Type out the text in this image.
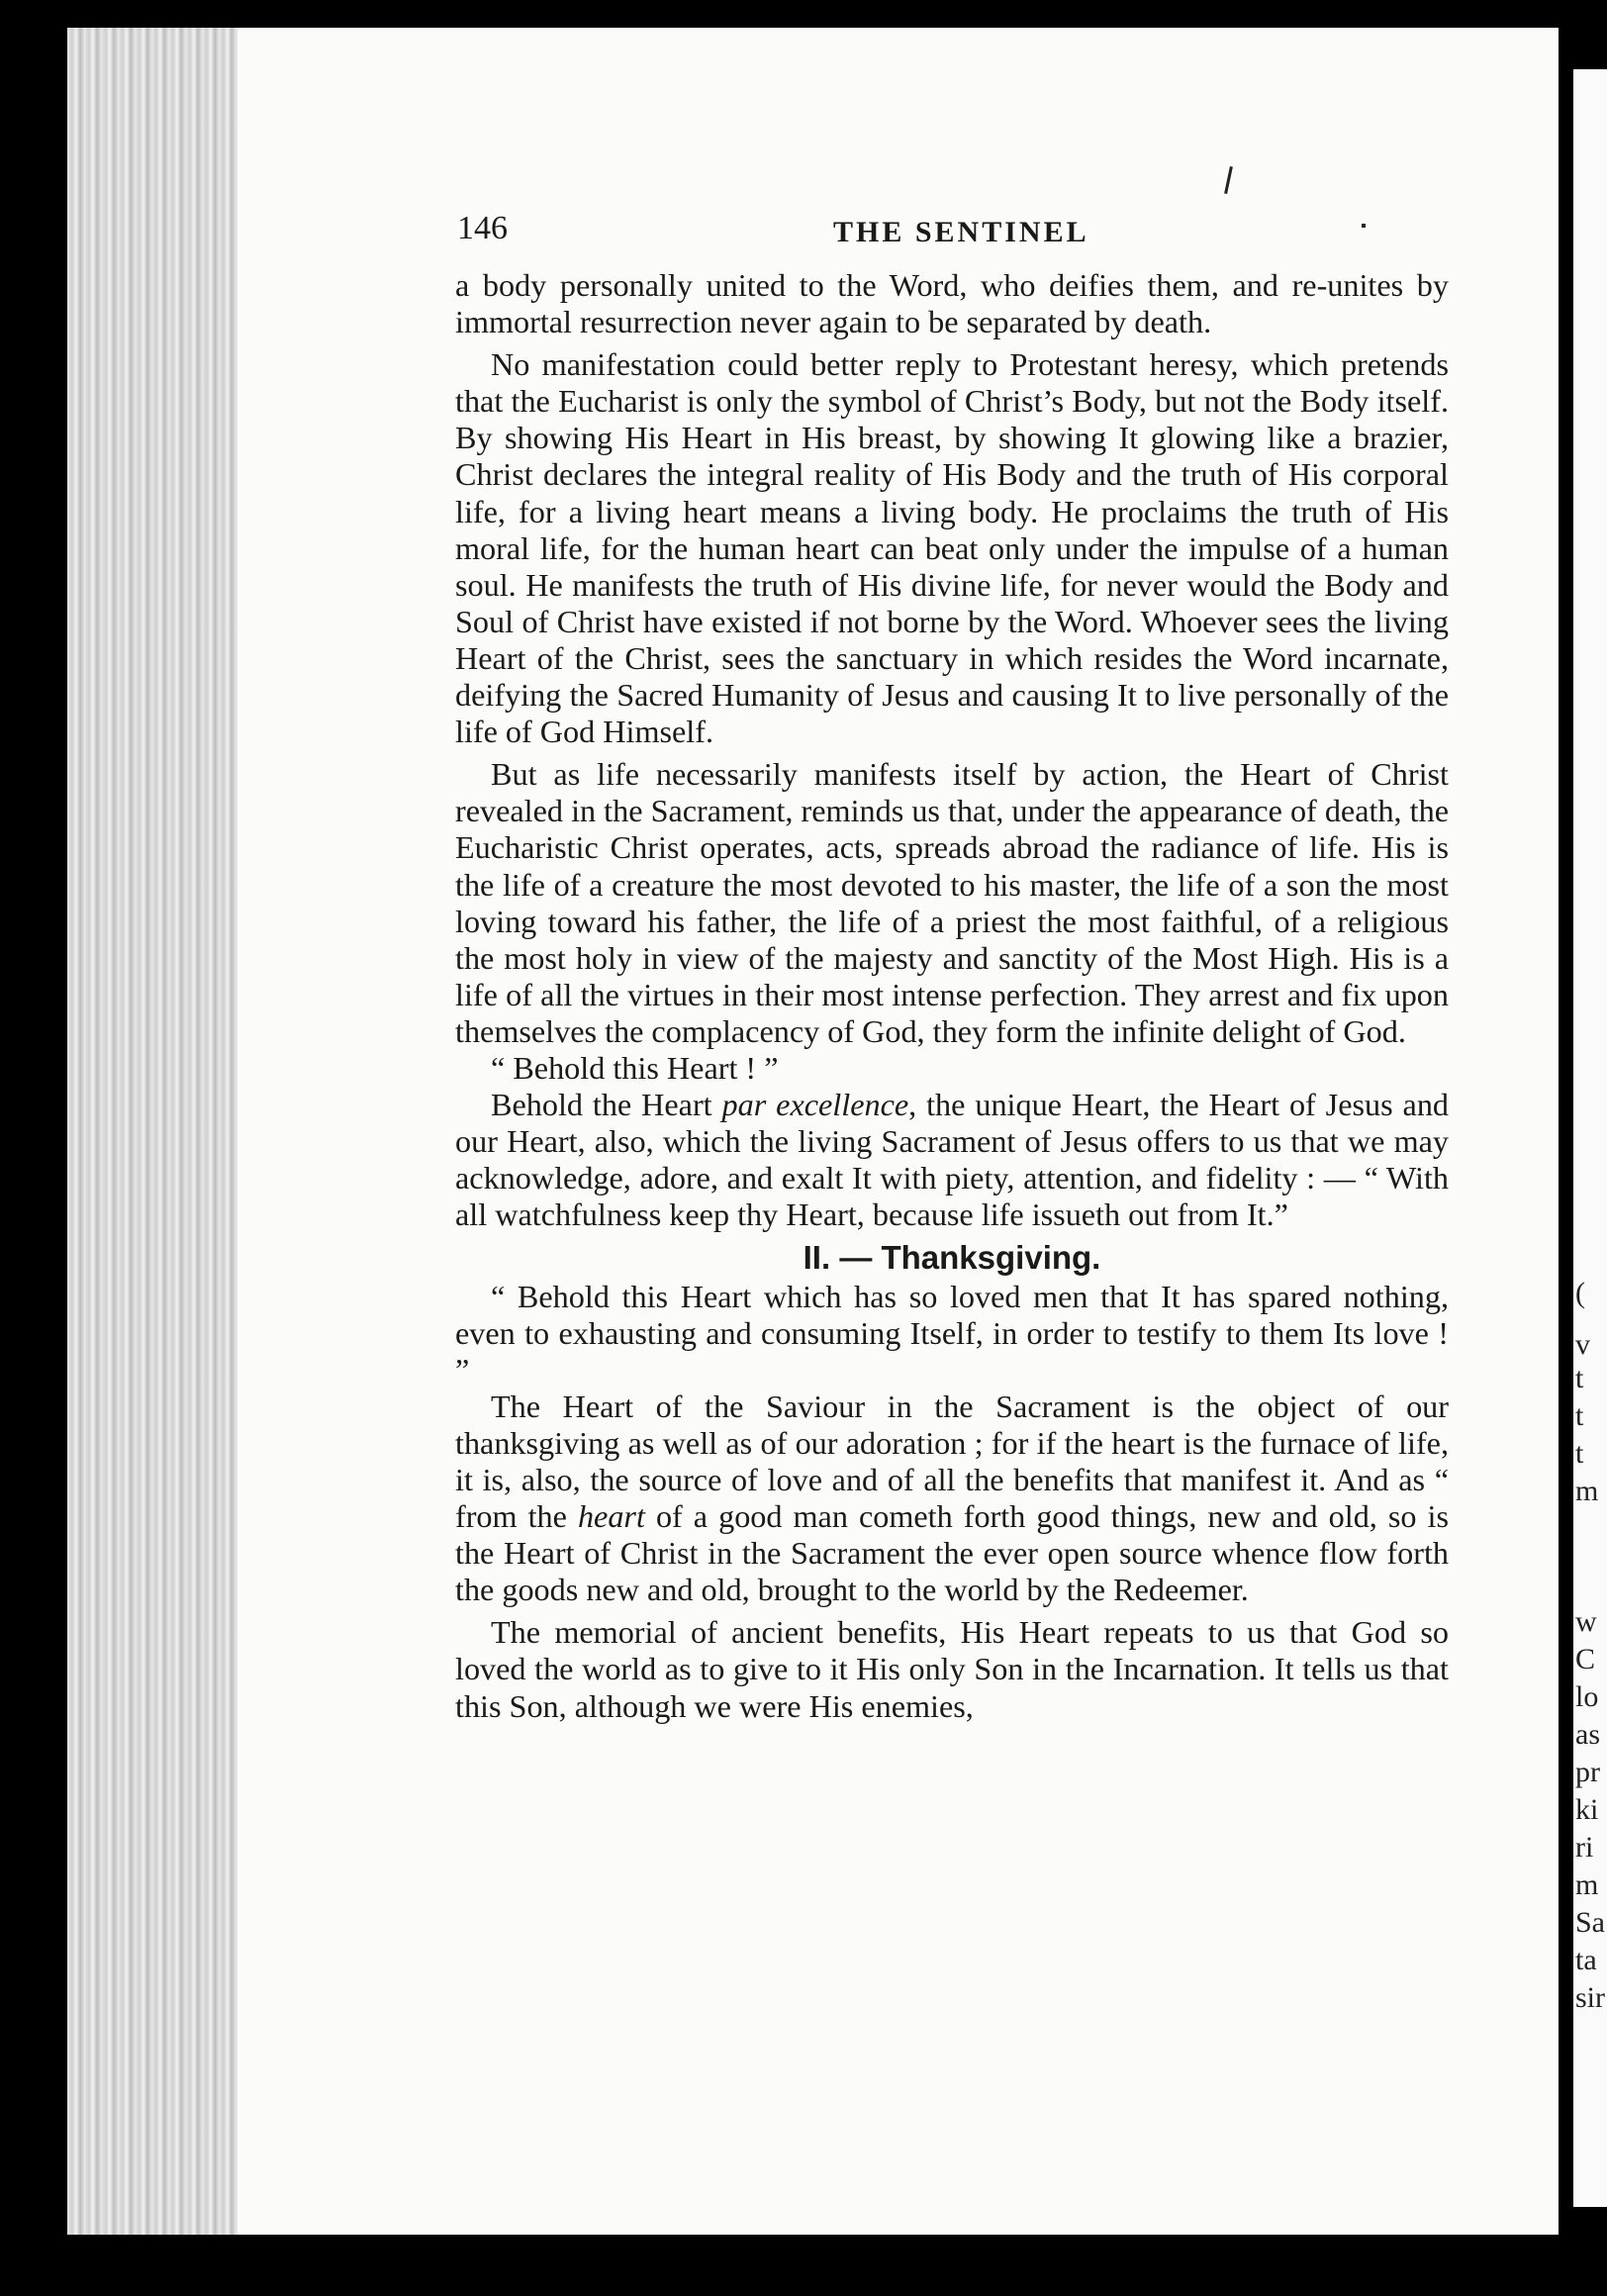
(
v
t
t
t
m
w
C
lo
as
pr
ki
ri
m
Sa
ta
sir
146	THE SENTINEL

a body personally united to the Word, who deifies them, and re-unites by immortal resurrection never again to be separated by death.

No manifestation could better reply to Protestant heresy, which pretends that the Eucharist is only the symbol of Christ’s Body, but not the Body itself. By showing His Heart in His breast, by showing It glowing like a brazier, Christ declares the integral reality of His Body and the truth of His corporal life, for a living heart means a living body. He proclaims the truth of His moral life, for the human heart can beat only under the impulse of a human soul. He manifests the truth of His divine life, for never would the Body and Soul of Christ have existed if not borne by the Word. Whoever sees the living Heart of the Christ, sees the sanctuary in which resides the Word incarnate, deifying the Sacred Humanity of Jesus and causing It to live personally of the life of God Himself.

But as life necessarily manifests itself by action, the Heart of Christ revealed in the Sacrament, reminds us that, under the appearance of death, the Eucharistic Christ operates, acts, spreads abroad the radiance of life. His is the life of a creature the most devoted to his master, the life of a son the most loving toward his father, the life of a priest the most faithful, of a religious the most holy in view of the majesty and sanctity of the Most High. His is a life of all the virtues in their most intense perfection. They arrest and fix upon themselves the complacency of God, they form the infinite delight of God.

“ Behold this Heart ! ”

Behold the Heart par excellence, the unique Heart, the Heart of Jesus and our Heart, also, which the living Sacrament of Jesus offers to us that we may acknowledge, adore, and exalt It with piety, attention, and fidelity : — “ With all watchfulness keep thy Heart, because life issueth out from It.”

II. — Thanksgiving.

“ Behold this Heart which has so loved men that It has spared nothing, even to exhausting and consuming Itself, in order to testify to them Its love ! ”

The Heart of the Saviour in the Sacrament is the object of our thanksgiving as well as of our adoration ; for if the heart is the furnace of life, it is, also, the source of love and of all the benefits that manifest it. And as “ from the heart of a good man cometh forth good things, new and old, so is the Heart of Christ in the Sacrament the ever open source whence flow forth the goods new and old, brought to the world by the Redeemer.

The memorial of ancient benefits, His Heart repeats to us that God so loved the world as to give to it His only Son in the Incarnation. It tells us that this Son, although we were His enemies,
